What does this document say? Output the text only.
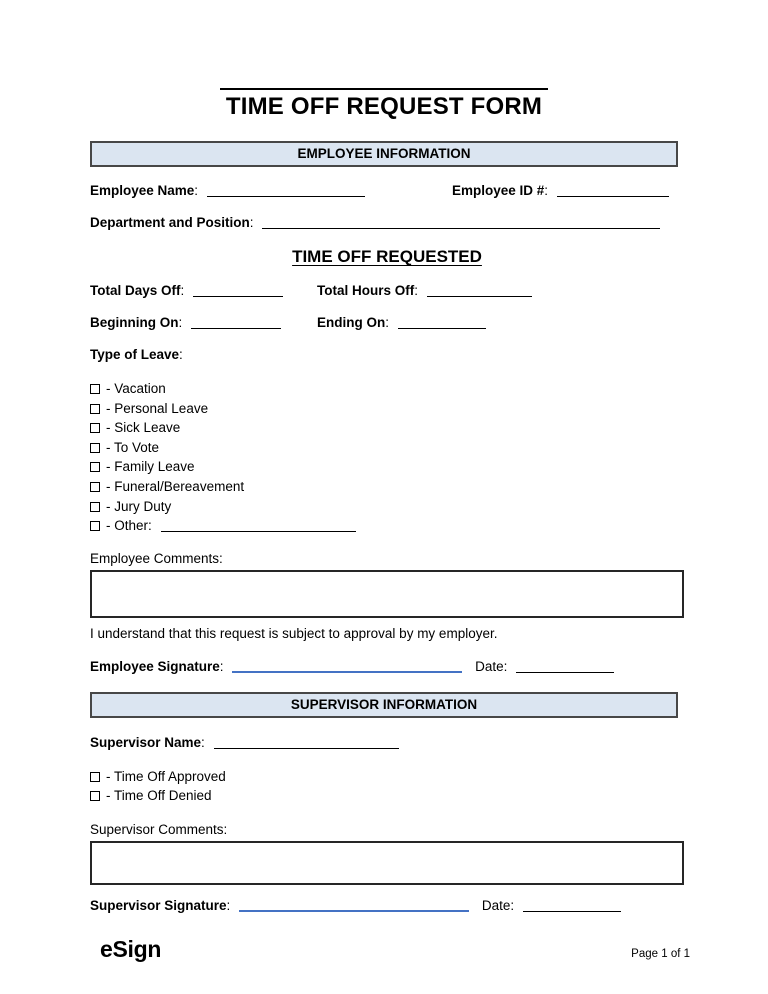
TIME OFF REQUEST FORM
EMPLOYEE INFORMATION
Employee Name:	Employee ID #:
Department and Position:
TIME OFF REQUESTED
Total Days Off:	Total Hours Off:
Beginning On:	Ending On:
Type of Leave:
- Vacation
- Personal Leave
- Sick Leave
- To Vote
- Family Leave
- Funeral/Bereavement
- Jury Duty
- Other:
Employee Comments:
I understand that this request is subject to approval by my employer.
Employee Signature:	Date:
SUPERVISOR INFORMATION
Supervisor Name:
- Time Off Approved
- Time Off Denied
Supervisor Comments:
Supervisor Signature:	Date:
eSign	Page 1 of 1
